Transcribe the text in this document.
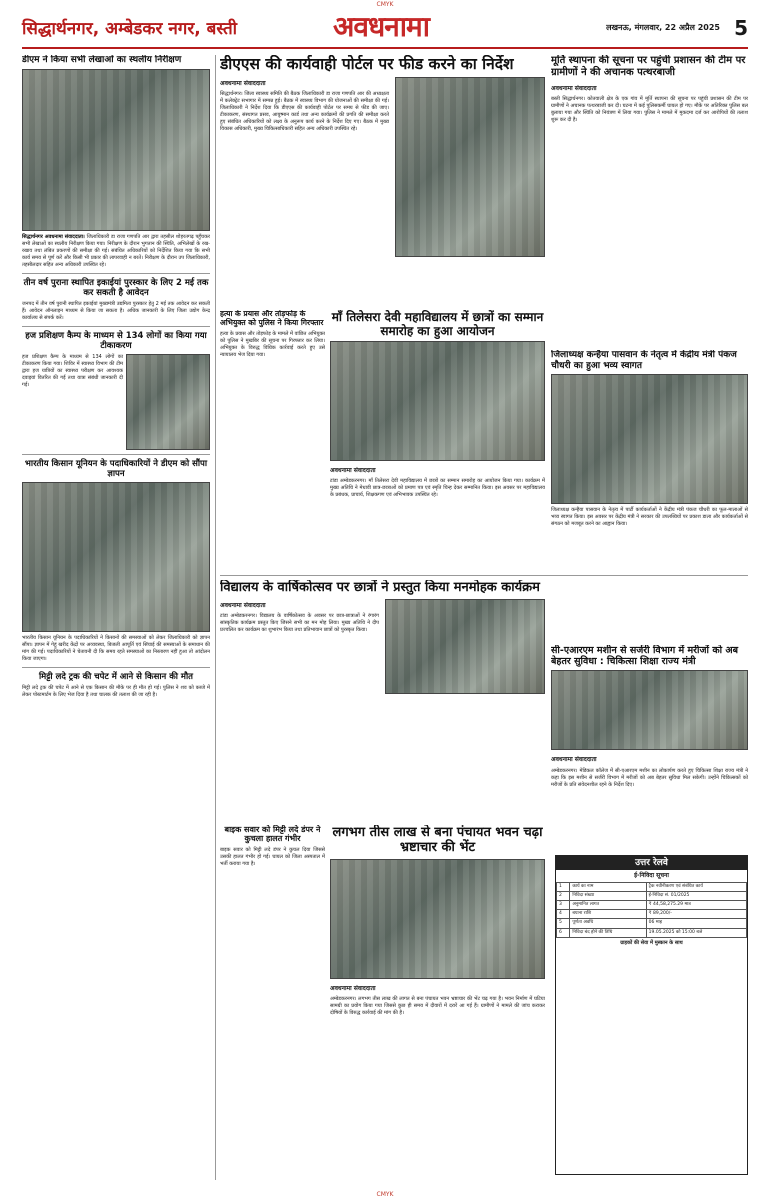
CMYK
सिद्धार्थनगर, अम्बेडकर नगर, बस्ती	अवधनामा	लखनऊ, मंगलवार, 22 अप्रैल 2025 5
डीएम ने किया सभी लेखाओं का स्थलीय निरीक्षण
सिद्धार्थनगर अवधनामा संवाददाता। जिलाधिकारी डा राजा गणपति आर द्वारा तहसील शोहरतगढ़ पहुँचकर सभी लेखाओं का स्थलीय निरीक्षण किया गया। निरीक्षण के दौरान भुगतान की स्थिति, अभिलेखों के रख-रखाव तथा लंबित प्रकरणों की समीक्षा की गई। संबंधित अधिकारियों को निर्देशित किया गया कि सभी कार्य समय से पूर्ण करें और किसी भी प्रकार की लापरवाही न बरतें। निरीक्षण के दौरान उप जिलाधिकारी, तहसीलदार सहित अन्य अधिकारी उपस्थित रहे।
तीन वर्ष पुराना स्थापित इकाईयां पुरस्कार के लिए 2 मई तक कर सकती है आवेदन
जनपद में तीन वर्ष पुरानी स्थापित इकाईयां मुख्यमंत्री उद्यमिता पुरस्कार हेतु 2 मई तक आवेदन कर सकती हैं। आवेदन ऑनलाइन माध्यम से किया जा सकता है। अधिक जानकारी के लिए जिला उद्योग केन्द्र कार्यालय से संपर्क करें।
हज प्रशिक्षण कैम्प के माध्यम से 134 लोगों का किया गया टीकाकरण
हज प्रशिक्षण कैम्प के माध्यम से 134 लोगों का टीकाकरण किया गया। शिविर में स्वास्थ्य विभाग की टीम द्वारा हज यात्रियों का स्वास्थ्य परीक्षण कर आवश्यक दवाइयां वितरित की गईं तथा यात्रा संबंधी जानकारी दी गई।
भारतीय किसान यूनियन के पदाधिकारियों ने डीएम को सौंपा ज्ञापन
भारतीय किसान यूनियन के पदाधिकारियों ने किसानों की समस्याओं को लेकर जिलाधिकारी को ज्ञापन सौंपा। ज्ञापन में गेहूं खरीद केंद्रों पर अव्यवस्था, बिजली आपूर्ति एवं सिंचाई की समस्याओं के समाधान की मांग की गई। पदाधिकारियों ने चेतावनी दी कि समय रहते समस्याओं का निस्तारण नहीं हुआ तो आंदोलन किया जाएगा।
मिट्टी लदे ट्रक की चपेट में आने से किसान की मौत
मिट्टी लदे ट्रक की चपेट में आने से एक किसान की मौके पर ही मौत हो गई। पुलिस ने शव को कब्जे में लेकर पोस्टमार्टम के लिए भेज दिया है तथा चालक की तलाश की जा रही है।
डीएएस की कार्यवाही पोर्टल पर फीड करने का निर्देश
अवधनामा संवाददाता
सिद्धार्थनगर। जिला स्वास्थ्य समिति की बैठक जिलाधिकारी डा राजा गणपति आर की अध्यक्षता में कलेक्ट्रेट सभागार में सम्पन्न हुई। बैठक में स्वास्थ्य विभाग की योजनाओं की समीक्षा की गई। जिलाधिकारी ने निर्देश दिया कि डीएएस की कार्यवाही पोर्टल पर समय से फीड की जाए। टीकाकरण, संस्थागत प्रसव, आयुष्मान कार्ड तथा अन्य कार्यक्रमों की प्रगति की समीक्षा करते हुए संबंधित अधिकारियों को लक्ष्य के अनुरूप कार्य करने के निर्देश दिए गए। बैठक में मुख्य विकास अधिकारी, मुख्य चिकित्साधिकारी सहित अन्य अधिकारी उपस्थित रहे।
हत्या के प्रयास और तोड़फोड़ के अभियुक्त को पुलिस ने किया गिरफ्तार
हत्या के प्रयास और तोड़फोड़ के मामले में वांछित अभियुक्त को पुलिस ने मुखबिर की सूचना पर गिरफ्तार कर लिया। अभियुक्त के विरुद्ध विधिक कार्रवाई करते हुए उसे न्यायालय भेज दिया गया।
माँ तिलेसरा देवी महाविद्यालय में छात्रों का सम्मान समारोह का हुआ आयोजन
अवधनामा संवाददाता
टांडा अम्बेडकरनगर। माँ तिलेसरा देवी महाविद्यालय में छात्रों का सम्मान समारोह का आयोजन किया गया। कार्यक्रम में मुख्य अतिथि ने मेधावी छात्र-छात्राओं को प्रमाण पत्र एवं स्मृति चिन्ह देकर सम्मानित किया। इस अवसर पर महाविद्यालय के प्रबंधक, प्राचार्य, शिक्षकगण एवं अभिभावक उपस्थित रहे।
मूर्ति स्थापना की सूचना पर पहुंची प्रशासन की टीम पर ग्रामीणों ने की अचानक पत्थरबाजी
अवधनामा संवाददाता
बस्ती सिद्धार्थनगर। कोतवाली क्षेत्र के एक गांव में मूर्ति स्थापना की सूचना पर पहुंची प्रशासन की टीम पर ग्रामीणों ने अचानक पत्थरबाजी कर दी। घटना में कई पुलिसकर्मी घायल हो गए। मौके पर अतिरिक्त पुलिस बल बुलाया गया और स्थिति को नियंत्रण में लिया गया। पुलिस ने मामले में मुकदमा दर्ज कर आरोपियों की तलाश शुरू कर दी है।
जिलाध्यक्ष कन्हैया पासवान के नेतृत्व में केंद्रीय मंत्री पंकज चौधरी का हुआ भव्य स्वागत
जिलाध्यक्ष कन्हैया पासवान के नेतृत्व में पार्टी कार्यकर्ताओं ने केंद्रीय मंत्री पंकज चौधरी का फूल-मालाओं से भव्य स्वागत किया। इस अवसर पर केंद्रीय मंत्री ने सरकार की उपलब्धियों पर प्रकाश डाला और कार्यकर्ताओं से संगठन को मजबूत करने का आह्वान किया।
विद्यालय के वार्षिकोत्सव पर छात्रों ने प्रस्तुत किया मनमोहक कार्यक्रम
अवधनामा संवाददाता
टांडा अम्बेडकरनगर। विद्यालय के वार्षिकोत्सव के अवसर पर छात्र-छात्राओं ने रंगारंग सांस्कृतिक कार्यक्रम प्रस्तुत किए जिसने सभी का मन मोह लिया। मुख्य अतिथि ने दीप प्रज्वलित कर कार्यक्रम का शुभारंभ किया तथा प्रतिभावान छात्रों को पुरस्कृत किया।
सी-एआरएम मशीन से सर्जरी विभाग में मरीजों को अब बेहतर सुविधा : चिकित्सा शिक्षा राज्य मंत्री
अवधनामा संवाददाता
अम्बेडकरनगर। मेडिकल कॉलेज में सी-एआरएम मशीन का लोकार्पण करते हुए चिकित्सा शिक्षा राज्य मंत्री ने कहा कि इस मशीन से सर्जरी विभाग में मरीजों को अब बेहतर सुविधा मिल सकेगी। उन्होंने चिकित्सकों को मरीजों के प्रति संवेदनशील रहने के निर्देश दिए।
बाइक सवार को मिट्टी लदे डंपर ने कुचला हालत गंभीर
बाइक सवार को मिट्टी लदे डंपर ने कुचल दिया जिससे उसकी हालत गंभीर हो गई। घायल को जिला अस्पताल में भर्ती कराया गया है।
लगभग तीस लाख से बना पंचायत भवन चढ़ा भ्रष्टाचार की भेंट
अवधनामा संवाददाता
अम्बेडकरनगर। लगभग तीस लाख की लागत से बना पंचायत भवन भ्रष्टाचार की भेंट चढ़ गया है। भवन निर्माण में घटिया सामग्री का प्रयोग किया गया जिससे कुछ ही समय में दीवारों में दरारें आ गई हैं। ग्रामीणों ने मामले की जांच कराकर दोषियों के विरुद्ध कार्रवाई की मांग की है।
उत्तर रेलवे
ई-निविदा सूचना
1	कार्य का नाम	ट्रैक नवीनीकरण एवं संबंधित कार्य
2	निविदा संख्या	ई-निविदा सं. 01/2025
3	अनुमानित लागत	₹ 44,58,275.29 मात्र
4	बयाना राशि	₹ 89,200/-
5	पूर्णता अवधि	06 माह
6	निविदा बंद होने की तिथि	19.05.2025 को 15:00 बजे
ग्राहकों की सेवा में मुस्कान के साथ
CMYK
